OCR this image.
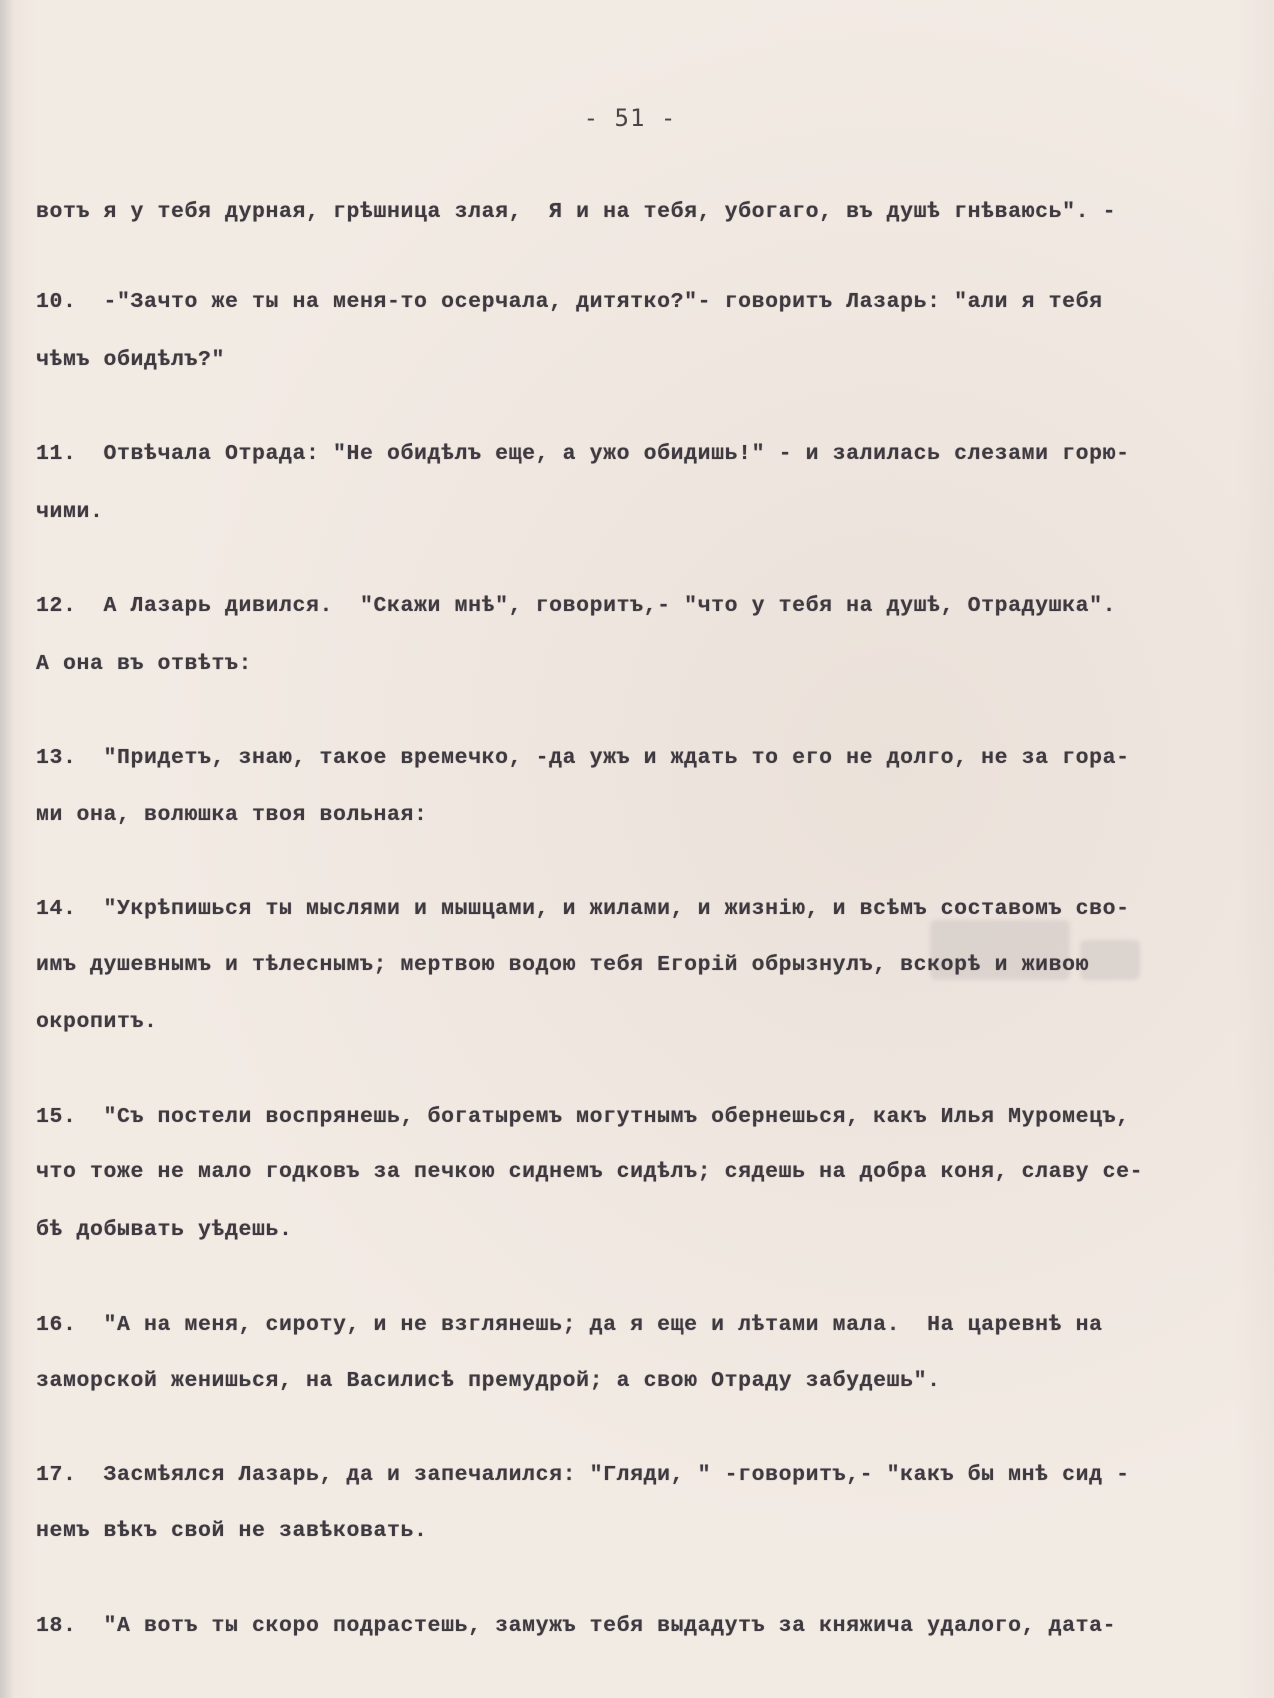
- 51 -
вотъ я у тебя дурная, грѣшница злая,  Я и на тебя, убогаго, въ душѣ гнѣваюсь". -
10.  -"Зачто же ты на меня-то осерчала, дитятко?"- говоритъ Лазарь: "али я тебя
чѣмъ обидѣлъ?"
11.  Отвѣчала Отрада: "Не обидѣлъ еще, а ужо обидишь!" - и залилась слезами горю-
чими.
12.  А Лазарь дивился.  "Скажи мнѣ", говоритъ,- "что у тебя на душѣ, Отрадушка".
А она въ отвѣтъ:
13.  "Придетъ, знаю, такое времечко, -да ужъ и ждать то его не долго, не за гора-
ми она, волюшка твоя вольная:
14.  "Укрѣпишься ты мыслями и мышцами, и жилами, и жизнію, и всѣмъ составомъ сво-
имъ душевнымъ и тѣлеснымъ; мертвою водою тебя Егорій обрызнулъ, вскорѣ и живою
окропитъ.
15.  "Съ постели воспрянешь, богатыремъ могутнымъ обернешься, какъ Илья Муромецъ,
что тоже не мало годковъ за печкою сиднемъ сидѣлъ; сядешь на добра коня, славу се-
бѣ добывать уѣдешь.
16.  "А на меня, сироту, и не взглянешь; да я еще и лѣтами мала.  На царевнѣ на
заморской женишься, на Василисѣ премудрой; а свою Отраду забудешь".
17.  Засмѣялся Лазарь, да и запечалился: "Гляди, " -говоритъ,- "какъ бы мнѣ сид -
немъ вѣкъ свой не завѣковать.
18.  "А вотъ ты скоро подрастешь, замужъ тебя выдадутъ за княжича удалого, дата-
